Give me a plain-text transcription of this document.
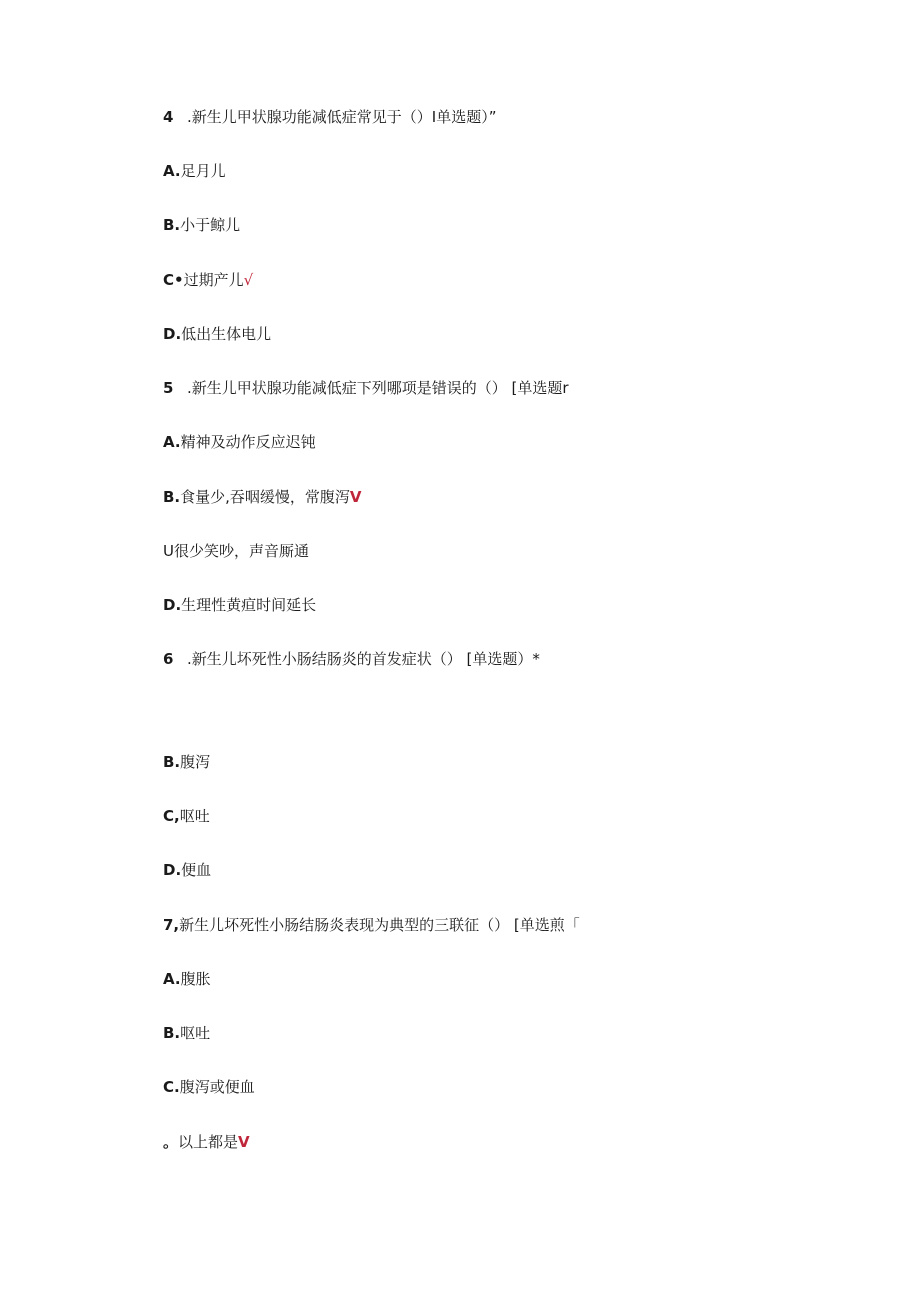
4 .新生儿甲状腺功能减低症常见于（）I单选题）”
A.足月儿
B.小于鲸儿
C•过期产儿√
D.低出生体电儿
5 .新生儿甲状腺功能减低症下列哪项是错误的（） [单选题r
A.精神及动作反应迟钝
B.食量少,吞咽缓慢，常腹泻V
U很少笑吵，声音厮通
D.生理性黄疸时间延长
6 .新生儿坏死性小肠结肠炎的首发症状（） [单选题）*
B.腹泻
C,呕吐
D.便血
7,新生儿坏死性小肠结肠炎表现为典型的三联征（） [单选煎「
A.腹胀
B.呕吐
C.腹泻或便血
。以上都是V
